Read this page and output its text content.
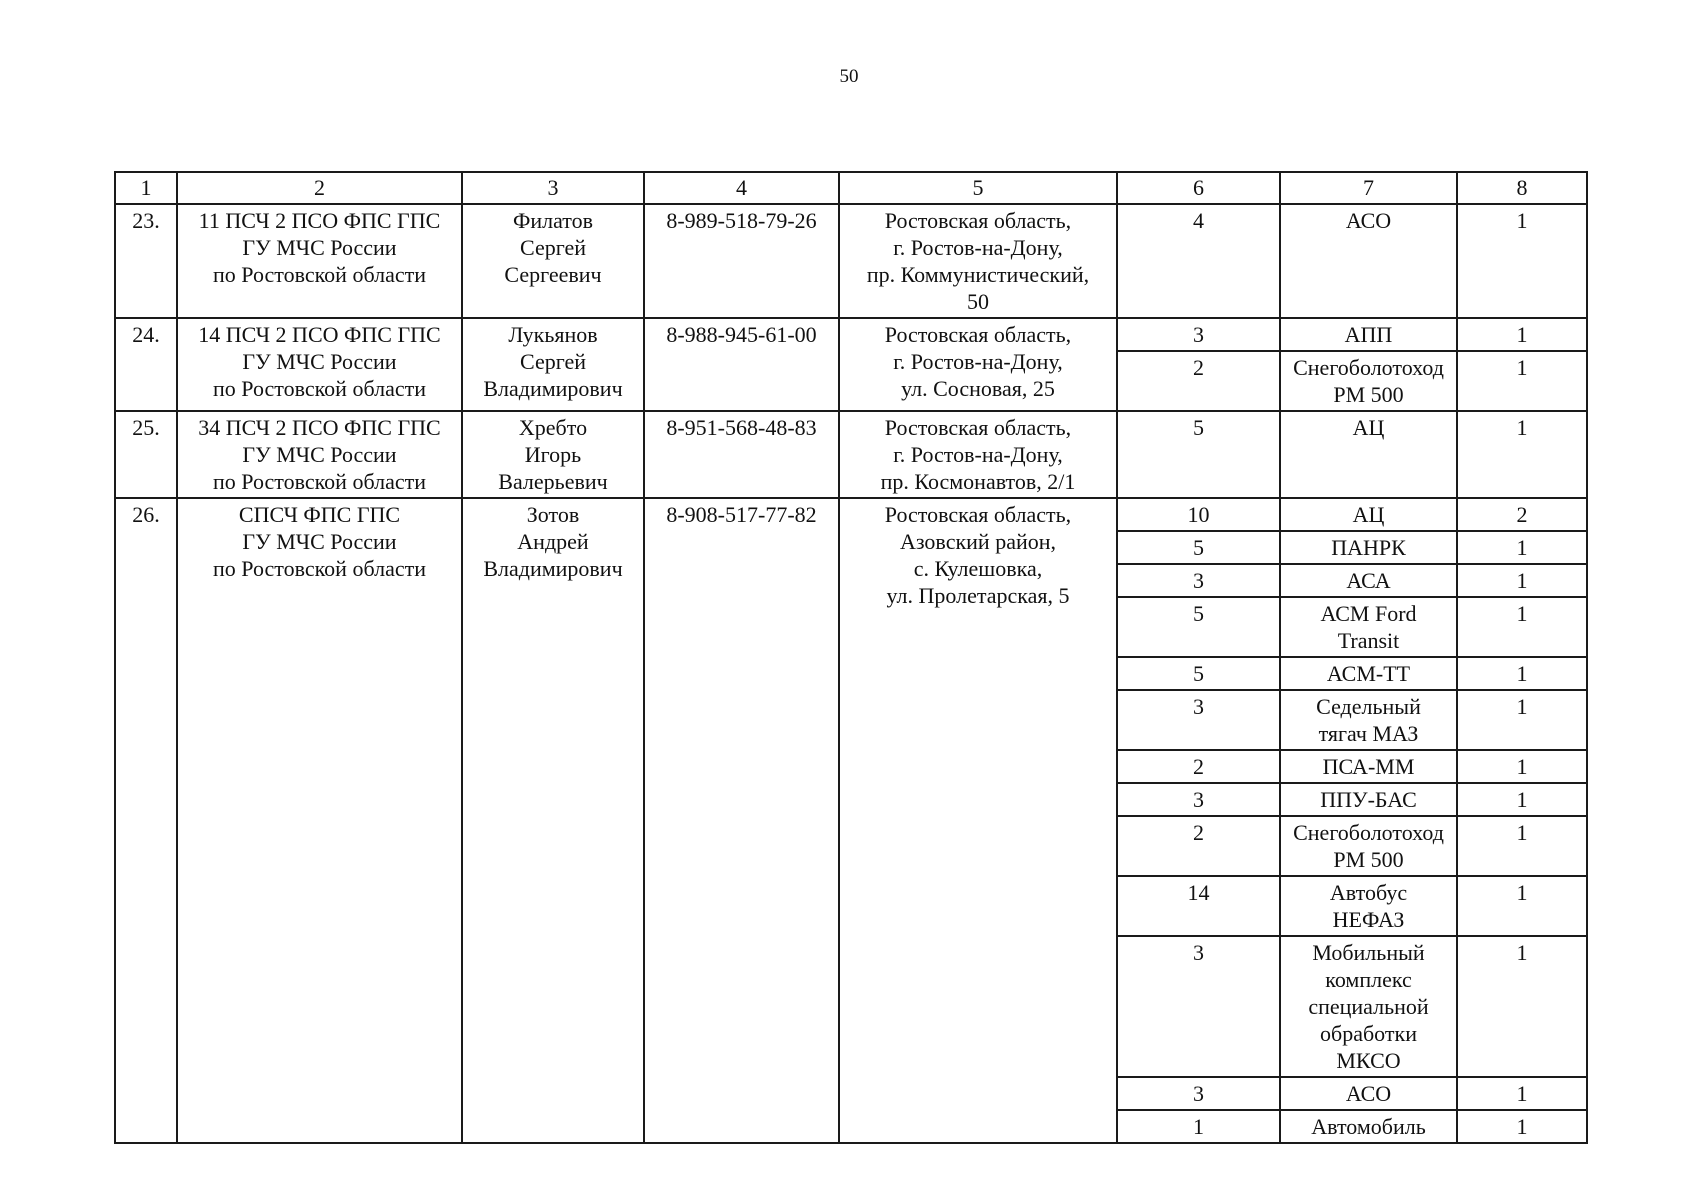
50
1	2	3	4	5	6	7	8

23.	11 ПСЧ 2 ПСО ФПС ГПС
ГУ МЧС России
по Ростовской области	Филатов
Сергей
Сергеевич	8-989-518-79-26	Ростовская область,
г. Ростов-на-Дону,
пр. Коммунистический,
50	4	АСО	1

24.	14 ПСЧ 2 ПСО ФПС ГПС
ГУ МЧС России
по Ростовской области	Лукьянов
Сергей
Владимирович	8-988-945-61-00	Ростовская область,
г. Ростов-на-Дону,
ул. Сосновая, 25	3	АПП	1

					2	Снегоболотоход
РМ 500	1

25.	34 ПСЧ 2 ПСО ФПС ГПС
ГУ МЧС России
по Ростовской области	Хребто
Игорь
Валерьевич	8-951-568-48-83	Ростовская область,
г. Ростов-на-Дону,
пр. Космонавтов, 2/1	5	АЦ	1

26.	СПСЧ ФПС ГПС
ГУ МЧС России
по Ростовской области	Зотов
Андрей
Владимирович	8-908-517-77-82	Ростовская область,
Азовский район,
с. Кулешовка,
ул. Пролетарская, 5	10	АЦ	2

					5	ПАНРК	1

					3	АСА	1

					5	АСМ Ford
Transit	1

					5	АСМ-ТТ	1

					3	Седельный
тягач МАЗ	1

					2	ПСА-ММ	1

					3	ППУ-БАС	1

					2	Снегоболотоход
РМ 500	1

					14	Автобус
НЕФАЗ	1

					3	Мобильный
комплекс
специальной
обработки
МКСО	1

					3	АСО	1

					1	Автомобиль	1
